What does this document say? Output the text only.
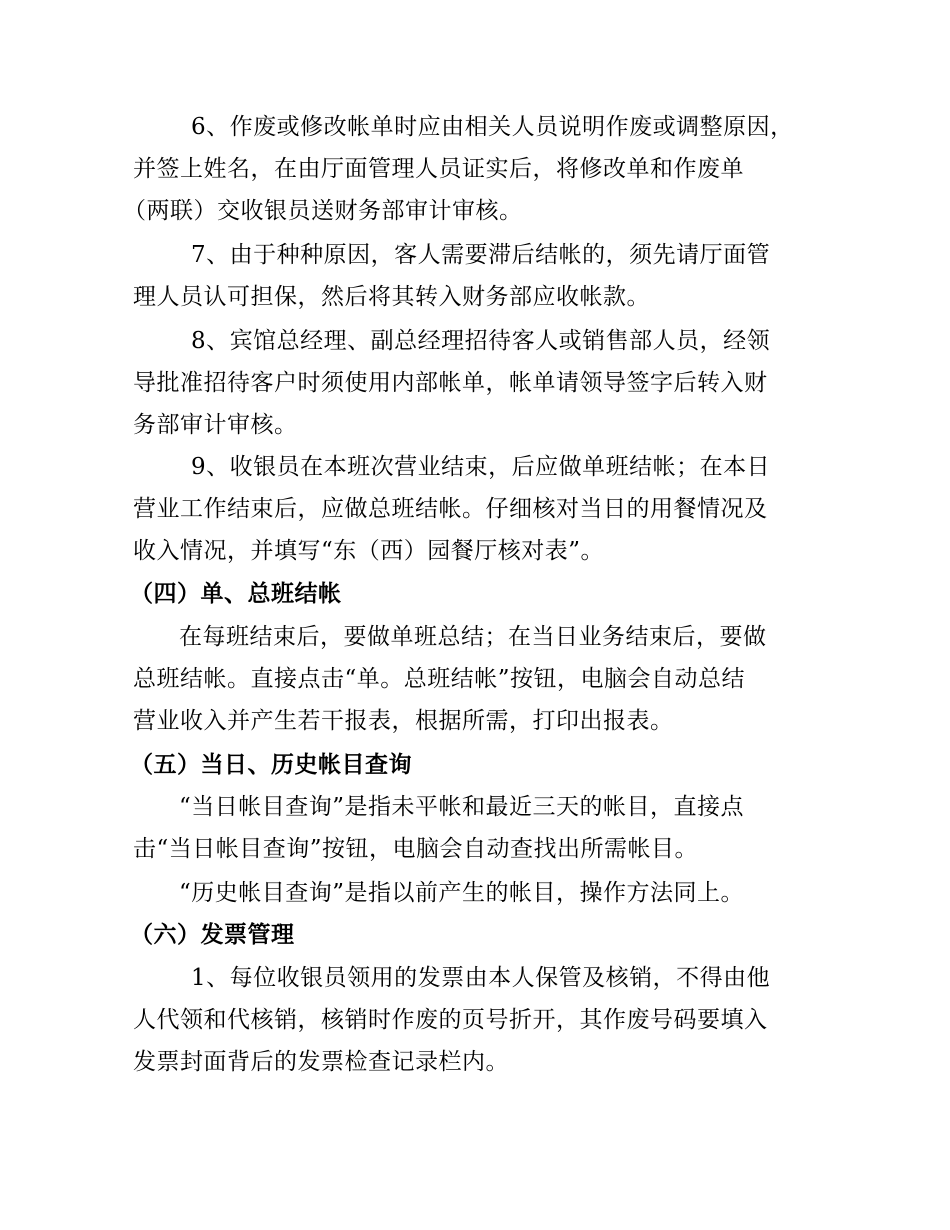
6、作废或修改帐单时应由相关人员说明作废或调整原因，
并签上姓名，在由厅面管理人员证实后，将修改单和作废单
（两联）交收银员送财务部审计审核。
7、由于种种原因，客人需要滞后结帐的，须先请厅面管
理人员认可担保，然后将其转入财务部应收帐款。
8、宾馆总经理、副总经理招待客人或销售部人员，经领
导批准招待客户时须使用内部帐单，帐单请领导签字后转入财
务部审计审核。
9、收银员在本班次营业结束，后应做单班结帐；在本日
营业工作结束后，应做总班结帐。仔细核对当日的用餐情况及
收入情况，并填写“东（西）园餐厅核对表”。
（四）单、总班结帐
在每班结束后，要做单班总结；在当日业务结束后，要做
总班结帐。直接点击“单。总班结帐”按钮，电脑会自动总结
营业收入并产生若干报表，根据所需，打印出报表。
（五）当日、历史帐目查询
“当日帐目查询”是指未平帐和最近三天的帐目，直接点
击“当日帐目查询”按钮，电脑会自动查找出所需帐目。
“历史帐目查询”是指以前产生的帐目，操作方法同上。
（六）发票管理
1、每位收银员领用的发票由本人保管及核销，不得由他
人代领和代核销，核销时作废的页号折开，其作废号码要填入
发票封面背后的发票检查记录栏内。
